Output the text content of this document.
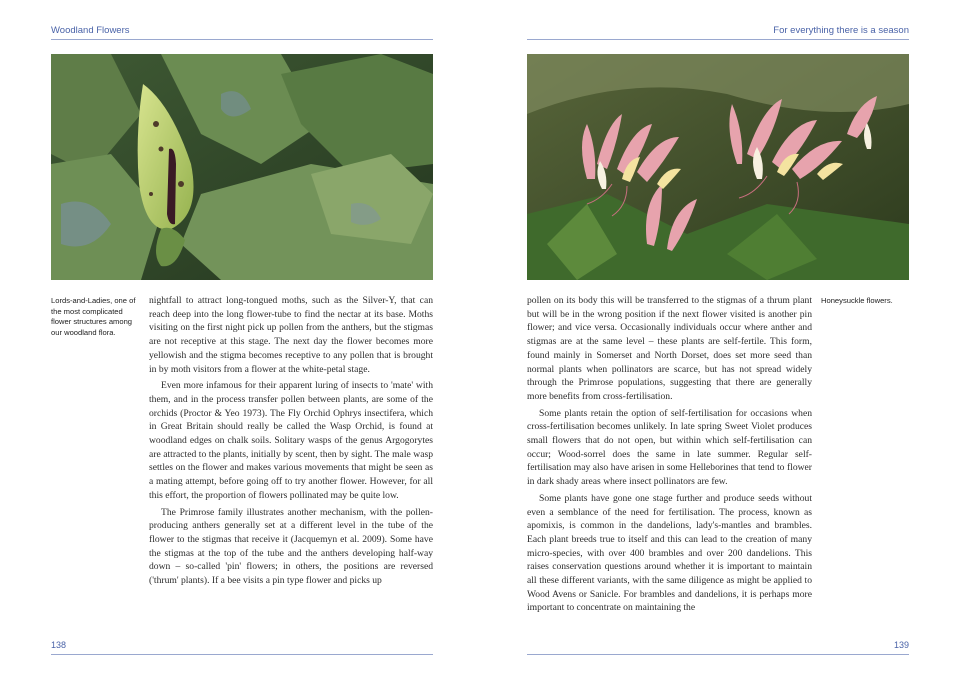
Woodland Flowers
Lords-and-Ladies, one of the most complicated flower structures among our woodland flora.

nightfall to attract long-tongued moths, such as the Silver-Y, that can reach deep into the long flower-tube to find the nectar at its base. Moths visiting on the first night pick up pollen from the anthers, but the stigmas are not receptive at this stage. The next day the flower becomes more yellowish and the stigma becomes receptive to any pollen that is brought in by moth visitors from a flower at the white-petal stage.

Even more infamous for their apparent luring of insects to 'mate' with them, and in the process transfer pollen between plants, are some of the orchids (Proctor & Yeo 1973). The Fly Orchid Ophrys insectifera, which in Great Britain should really be called the Wasp Orchid, is found at woodland edges on chalk soils. Solitary wasps of the genus Argogorytes are attracted to the plants, initially by scent, then by sight. The male wasp settles on the flower and makes various movements that might be seen as a mating attempt, before going off to try another flower. However, for all this effort, the proportion of flowers pollinated may be quite low.

The Primrose family illustrates another mechanism, with the pollen-producing anthers generally set at a different level in the tube of the flower to the stigmas that receive it (Jacquemyn et al. 2009). Some have the stigmas at the top of the tube and the anthers developing half-way down – so-called 'pin' flowers; in others, the positions are reversed ('thrum' plants). If a bee visits a pin type flower and picks up

138
For everything there is a season

pollen on its body this will be transferred to the stigmas of a thrum plant but will be in the wrong position if the next flower visited is another pin flower; and vice versa. Occasionally individuals occur where anther and stigmas are at the same level – these plants are self-fertile. This form, found mainly in Somerset and North Dorset, does set more seed than normal plants when pollinators are scarce, but has not spread widely through the Primrose populations, suggesting that there are generally more benefits from cross-fertilisation.

Some plants retain the option of self-fertilisation for occasions when cross-fertilisation becomes unlikely. In late spring Sweet Violet produces small flowers that do not open, but within which self-fertilisation can occur; Wood-sorrel does the same in late summer. Regular self-fertilisation may also have arisen in some Helleborines that tend to flower in dark shady areas where insect pollinators are few.

Some plants have gone one stage further and produce seeds without even a semblance of the need for fertilisation. The process, known as apomixis, is common in the dandelions, lady's-mantles and brambles. Each plant breeds true to itself and this can lead to the creation of many micro-species, with over 400 brambles and over 200 dandelions. This raises conservation questions around whether it is important to maintain all these different variants, with the same diligence as might be applied to Wood Avens or Sanicle. For brambles and dandelions, it is perhaps more important to concentrate on maintaining the

Honeysuckle flowers.
139
